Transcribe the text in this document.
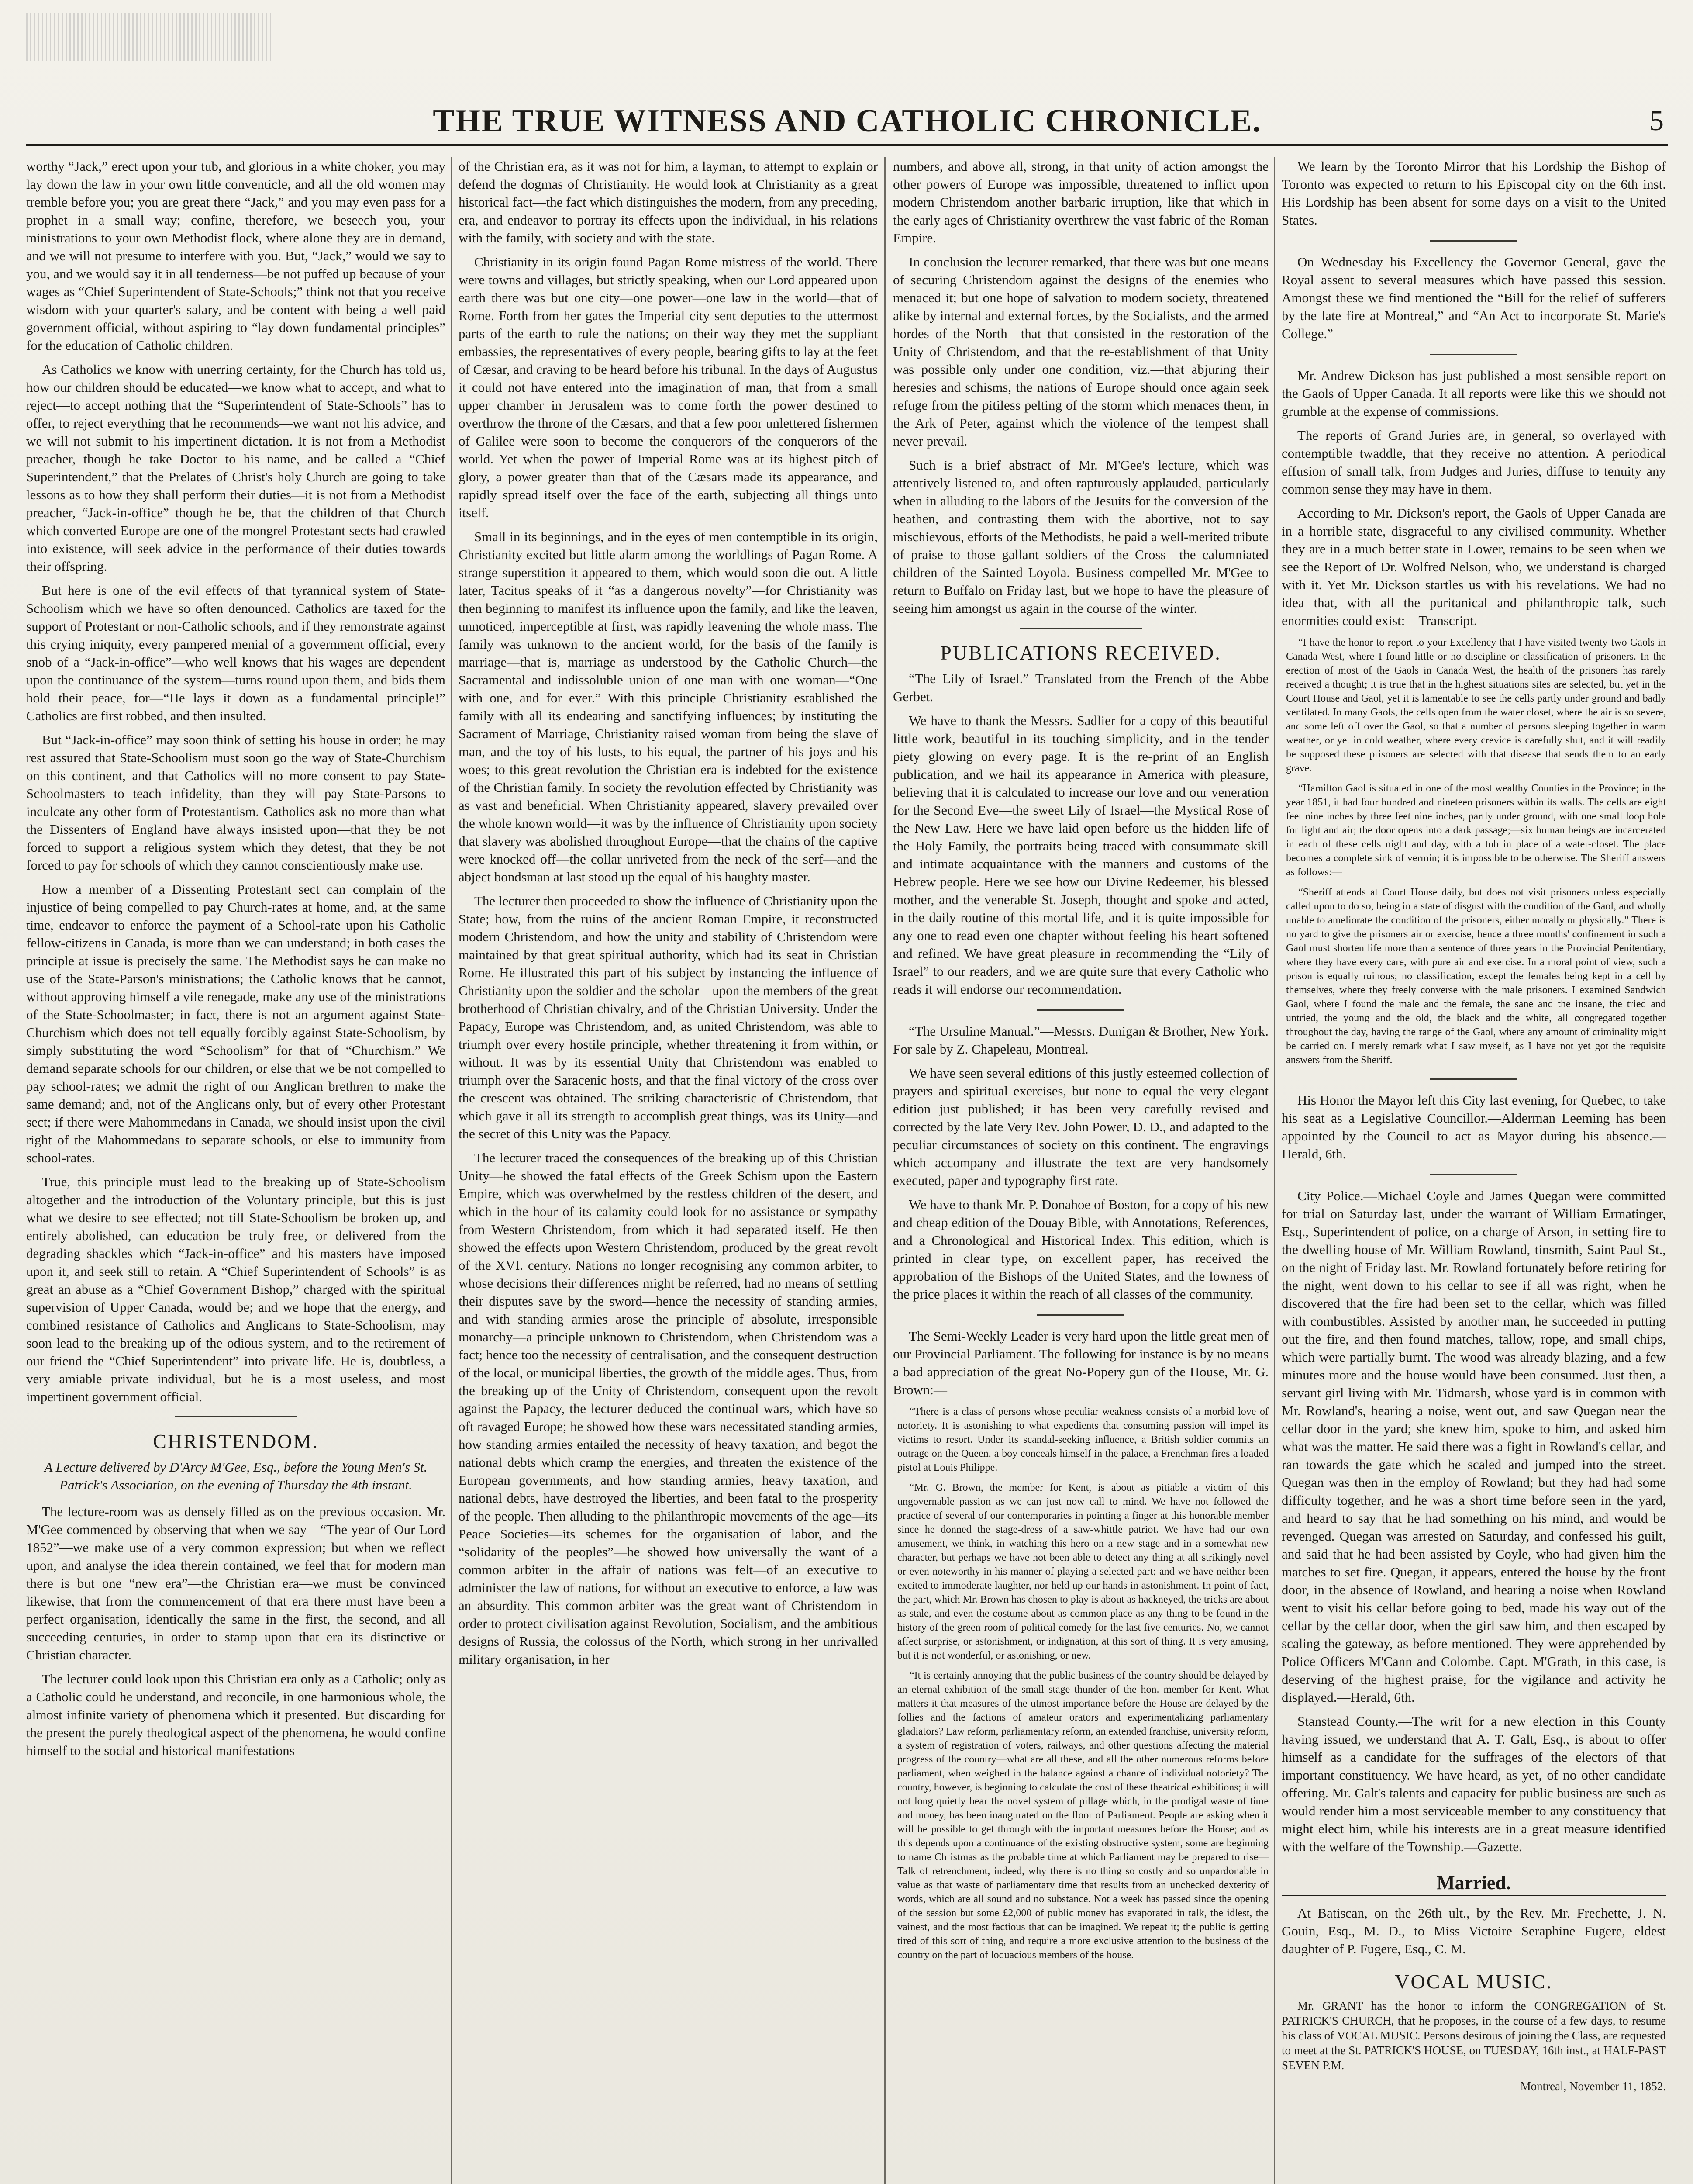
THE TRUE WITNESS AND CATHOLIC CHRONICLE.	5

worthy “Jack,” erect upon your tub, and glorious in a white choker, you may lay down the law in your own little conventicle, and all the old women may tremble before you; you are great there “Jack,” and you may even pass for a prophet in a small way; confine, therefore, we beseech you, your ministrations to your own Methodist flock, where alone they are in demand, and we will not presume to interfere with you. But, “Jack,” would we say to you, and we would say it in all tenderness—be not puffed up because of your wages as “Chief Superintendent of State-Schools;” think not that you receive wisdom with your quarter's salary, and be content with being a well paid government official, without aspiring to “lay down fundamental principles” for the education of Catholic children.

As Catholics we know with unerring certainty, for the Church has told us, how our children should be educated—we know what to accept, and what to reject—to accept nothing that the “Superintendent of State-Schools” has to offer, to reject everything that he recommends—we want not his advice, and we will not submit to his impertinent dictation. It is not from a Methodist preacher, though he take Doctor to his name, and be called a “Chief Superintendent,” that the Prelates of Christ's holy Church are going to take lessons as to how they shall perform their duties—it is not from a Methodist preacher, “Jack-in-office” though he be, that the children of that Church which converted Europe are one of the mongrel Protestant sects had crawled into existence, will seek advice in the performance of their duties towards their offspring.

But here is one of the evil effects of that tyrannical system of State-Schoolism which we have so often denounced. Catholics are taxed for the support of Protestant or non-Catholic schools, and if they remonstrate against this crying iniquity, every pampered menial of a government official, every snob of a “Jack-in-office”—who well knows that his wages are dependent upon the continuance of the system—turns round upon them, and bids them hold their peace, for—“He lays it down as a fundamental principle!” Catholics are first robbed, and then insulted.

But “Jack-in-office” may soon think of setting his house in order; he may rest assured that State-Schoolism must soon go the way of State-Churchism on this continent, and that Catholics will no more consent to pay State-Schoolmasters to teach infidelity, than they will pay State-Parsons to inculcate any other form of Protestantism. Catholics ask no more than what the Dissenters of England have always insisted upon—that they be not forced to support a religious system which they detest, that they be not forced to pay for schools of which they cannot conscientiously make use.

How a member of a Dissenting Protestant sect can complain of the injustice of being compelled to pay Church-rates at home, and, at the same time, endeavor to enforce the payment of a School-rate upon his Catholic fellow-citizens in Canada, is more than we can understand; in both cases the principle at issue is precisely the same. The Methodist says he can make no use of the State-Parson's ministrations; the Catholic knows that he cannot, without approving himself a vile renegade, make any use of the ministrations of the State-Schoolmaster; in fact, there is not an argument against State-Churchism which does not tell equally forcibly against State-Schoolism, by simply substituting the word “Schoolism” for that of “Churchism.” We demand separate schools for our children, or else that we be not compelled to pay school-rates; we admit the right of our Anglican brethren to make the same demand; and, not of the Anglicans only, but of every other Protestant sect; if there were Mahommedans in Canada, we should insist upon the civil right of the Mahommedans to separate schools, or else to immunity from school-rates.

True, this principle must lead to the breaking up of State-Schoolism altogether and the introduction of the Voluntary principle, but this is just what we desire to see effected; not till State-Schoolism be broken up, and entirely abolished, can education be truly free, or delivered from the degrading shackles which “Jack-in-office” and his masters have imposed upon it, and seek still to retain. A “Chief Superintendent of Schools” is as great an abuse as a “Chief Government Bishop,” charged with the spiritual supervision of Upper Canada, would be; and we hope that the energy, and combined resistance of Catholics and Anglicans to State-Schoolism, may soon lead to the breaking up of the odious system, and to the retirement of our friend the “Chief Superintendent” into private life. He is, doubtless, a very amiable private individual, but he is a most useless, and most impertinent government official.

CHRISTENDOM.

A Lecture delivered by D'Arcy M'Gee, Esq., before the Young Men's St. Patrick's Association, on the evening of Thursday the 4th instant.

The lecture-room was as densely filled as on the previous occasion. Mr. M'Gee commenced by observing that when we say—“The year of Our Lord 1852”—we make use of a very common expression; but when we reflect upon, and analyse the idea therein contained, we feel that for modern man there is but one “new era”—the Christian era—we must be convinced likewise, that from the commencement of that era there must have been a perfect organisation, identically the same in the first, the second, and all succeeding centuries, in order to stamp upon that era its distinctive or Christian character.

The lecturer could look upon this Christian era only as a Catholic; only as a Catholic could he understand, and reconcile, in one harmonious whole, the almost infinite variety of phenomena which it presented. But discarding for the present the purely theological aspect of the phenomena, he would confine himself to the social and historical manifestations

of the Christian era, as it was not for him, a layman, to attempt to explain or defend the dogmas of Christianity. He would look at Christianity as a great historical fact—the fact which distinguishes the modern, from any preceding, era, and endeavor to portray its effects upon the individual, in his relations with the family, with society and with the state.

Christianity in its origin found Pagan Rome mistress of the world. There were towns and villages, but strictly speaking, when our Lord appeared upon earth there was but one city—one power—one law in the world—that of Rome. Forth from her gates the Imperial city sent deputies to the uttermost parts of the earth to rule the nations; on their way they met the suppliant embassies, the representatives of every people, bearing gifts to lay at the feet of Cæsar, and craving to be heard before his tribunal. In the days of Augustus it could not have entered into the imagination of man, that from a small upper chamber in Jerusalem was to come forth the power destined to overthrow the throne of the Cæsars, and that a few poor unlettered fishermen of Galilee were soon to become the conquerors of the conquerors of the world. Yet when the power of Imperial Rome was at its highest pitch of glory, a power greater than that of the Cæsars made its appearance, and rapidly spread itself over the face of the earth, subjecting all things unto itself.

Small in its beginnings, and in the eyes of men contemptible in its origin, Christianity excited but little alarm among the worldlings of Pagan Rome. A strange superstition it appeared to them, which would soon die out. A little later, Tacitus speaks of it “as a dangerous novelty”—for Christianity was then beginning to manifest its influence upon the family, and like the leaven, unnoticed, imperceptible at first, was rapidly leavening the whole mass. The family was unknown to the ancient world, for the basis of the family is marriage—that is, marriage as understood by the Catholic Church—the Sacramental and indissoluble union of one man with one woman—“One with one, and for ever.” With this principle Christianity established the family with all its endearing and sanctifying influences; by instituting the Sacrament of Marriage, Christianity raised woman from being the slave of man, and the toy of his lusts, to his equal, the partner of his joys and his woes; to this great revolution the Christian era is indebted for the existence of the Christian family. In society the revolution effected by Christianity was as vast and beneficial. When Christianity appeared, slavery prevailed over the whole known world—it was by the influence of Christianity upon society that slavery was abolished throughout Europe—that the chains of the captive were knocked off—the collar unriveted from the neck of the serf—and the abject bondsman at last stood up the equal of his haughty master.

The lecturer then proceeded to show the influence of Christianity upon the State; how, from the ruins of the ancient Roman Empire, it reconstructed modern Christendom, and how the unity and stability of Christendom were maintained by that great spiritual authority, which had its seat in Christian Rome. He illustrated this part of his subject by instancing the influence of Christianity upon the soldier and the scholar—upon the members of the great brotherhood of Christian chivalry, and of the Christian University. Under the Papacy, Europe was Christendom, and, as united Christendom, was able to triumph over every hostile principle, whether threatening it from within, or without. It was by its essential Unity that Christendom was enabled to triumph over the Saracenic hosts, and that the final victory of the cross over the crescent was obtained. The striking characteristic of Christendom, that which gave it all its strength to accomplish great things, was its Unity—and the secret of this Unity was the Papacy.

The lecturer traced the consequences of the breaking up of this Christian Unity—he showed the fatal effects of the Greek Schism upon the Eastern Empire, which was overwhelmed by the restless children of the desert, and which in the hour of its calamity could look for no assistance or sympathy from Western Christendom, from which it had separated itself. He then showed the effects upon Western Christendom, produced by the great revolt of the XVI. century. Nations no longer recognising any common arbiter, to whose decisions their differences might be referred, had no means of settling their disputes save by the sword—hence the necessity of standing armies, and with standing armies arose the principle of absolute, irresponsible monarchy—a principle unknown to Christendom, when Christendom was a fact; hence too the necessity of centralisation, and the consequent destruction of the local, or municipal liberties, the growth of the middle ages. Thus, from the breaking up of the Unity of Christendom, consequent upon the revolt against the Papacy, the lecturer deduced the continual wars, which have so oft ravaged Europe; he showed how these wars necessitated standing armies, how standing armies entailed the necessity of heavy taxation, and begot the national debts which cramp the energies, and threaten the existence of the European governments, and how standing armies, heavy taxation, and national debts, have destroyed the liberties, and been fatal to the prosperity of the people. Then alluding to the philanthropic movements of the age—its Peace Societies—its schemes for the organisation of labor, and the “solidarity of the peoples”—he showed how universally the want of a common arbiter in the affair of nations was felt—of an executive to administer the law of nations, for without an executive to enforce, a law was an absurdity. This common arbiter was the great want of Christendom in order to protect civilisation against Revolution, Socialism, and the ambitious designs of Russia, the colossus of the North, which strong in her unrivalled military organisation, in her

numbers, and above all, strong, in that unity of action amongst the other powers of Europe was impossible, threatened to inflict upon modern Christendom another barbaric irruption, like that which in the early ages of Christianity overthrew the vast fabric of the Roman Empire.

In conclusion the lecturer remarked, that there was but one means of securing Christendom against the designs of the enemies who menaced it; but one hope of salvation to modern society, threatened alike by internal and external forces, by the Socialists, and the armed hordes of the North—that that consisted in the restoration of the Unity of Christendom, and that the re-establishment of that Unity was possible only under one condition, viz.—that abjuring their heresies and schisms, the nations of Europe should once again seek refuge from the pitiless pelting of the storm which menaces them, in the Ark of Peter, against which the violence of the tempest shall never prevail.

Such is a brief abstract of Mr. M'Gee's lecture, which was attentively listened to, and often rapturously applauded, particularly when in alluding to the labors of the Jesuits for the conversion of the heathen, and contrasting them with the abortive, not to say mischievous, efforts of the Methodists, he paid a well-merited tribute of praise to those gallant soldiers of the Cross—the calumniated children of the Sainted Loyola. Business compelled Mr. M'Gee to return to Buffalo on Friday last, but we hope to have the pleasure of seeing him amongst us again in the course of the winter.

PUBLICATIONS RECEIVED.

“The Lily of Israel.” Translated from the French of the Abbe Gerbet.

We have to thank the Messrs. Sadlier for a copy of this beautiful little work, beautiful in its touching simplicity, and in the tender piety glowing on every page. It is the re-print of an English publication, and we hail its appearance in America with pleasure, believing that it is calculated to increase our love and our veneration for the Second Eve—the sweet Lily of Israel—the Mystical Rose of the New Law. Here we have laid open before us the hidden life of the Holy Family, the portraits being traced with consummate skill and intimate acquaintance with the manners and customs of the Hebrew people. Here we see how our Divine Redeemer, his blessed mother, and the venerable St. Joseph, thought and spoke and acted, in the daily routine of this mortal life, and it is quite impossible for any one to read even one chapter without feeling his heart softened and refined. We have great pleasure in recommending the “Lily of Israel” to our readers, and we are quite sure that every Catholic who reads it will endorse our recommendation.

“The Ursuline Manual.”—Messrs. Dunigan & Brother, New York. For sale by Z. Chapeleau, Montreal.

We have seen several editions of this justly esteemed collection of prayers and spiritual exercises, but none to equal the very elegant edition just published; it has been very carefully revised and corrected by the late Very Rev. John Power, D. D., and adapted to the peculiar circumstances of society on this continent. The engravings which accompany and illustrate the text are very handsomely executed, paper and typography first rate.

We have to thank Mr. P. Donahoe of Boston, for a copy of his new and cheap edition of the Douay Bible, with Annotations, References, and a Chronological and Historical Index. This edition, which is printed in clear type, on excellent paper, has received the approbation of the Bishops of the United States, and the lowness of the price places it within the reach of all classes of the community.

The Semi-Weekly Leader is very hard upon the little great men of our Provincial Parliament. The following for instance is by no means a bad appreciation of the great No-Popery gun of the House, Mr. G. Brown:—

“There is a class of persons whose peculiar weakness consists of a morbid love of notoriety. It is astonishing to what expedients that consuming passion will impel its victims to resort. Under its scandal-seeking influence, a British soldier commits an outrage on the Queen, a boy conceals himself in the palace, a Frenchman fires a loaded pistol at Louis Philippe.

“Mr. G. Brown, the member for Kent, is about as pitiable a victim of this ungovernable passion as we can just now call to mind. We have not followed the practice of several of our contemporaries in pointing a finger at this honorable member since he donned the stage-dress of a saw-whittle patriot. We have had our own amusement, we think, in watching this hero on a new stage and in a somewhat new character, but perhaps we have not been able to detect any thing at all strikingly novel or even noteworthy in his manner of playing a selected part; and we have neither been excited to immoderate laughter, nor held up our hands in astonishment. In point of fact, the part, which Mr. Brown has chosen to play is about as hackneyed, the tricks are about as stale, and even the costume about as common place as any thing to be found in the history of the green-room of political comedy for the last five centuries. No, we cannot affect surprise, or astonishment, or indignation, at this sort of thing. It is very amusing, but it is not wonderful, or astonishing, or new.

“It is certainly annoying that the public business of the country should be delayed by an eternal exhibition of the small stage thunder of the hon. member for Kent. What matters it that measures of the utmost importance before the House are delayed by the follies and the factions of amateur orators and experimentalizing parliamentary gladiators? Law reform, parliamentary reform, an extended franchise, university reform, a system of registration of voters, railways, and other questions affecting the material progress of the country—what are all these, and all the other numerous reforms before parliament, when weighed in the balance against a chance of individual notoriety? The country, however, is beginning to calculate the cost of these theatrical exhibitions; it will not long quietly bear the novel system of pillage which, in the prodigal waste of time and money, has been inaugurated on the floor of Parliament. People are asking when it will be possible to get through with the important measures before the House; and as this depends upon a continuance of the existing obstructive system, some are beginning to name Christmas as the probable time at which Parliament may be prepared to rise—Talk of retrenchment, indeed, why there is no thing so costly and so unpardonable in value as that waste of parliamentary time that results from an unchecked dexterity of words, which are all sound and no substance. Not a week has passed since the opening of the session but some £2,000 of public money has evaporated in talk, the idlest, the vainest, and the most factious that can be imagined. We repeat it; the public is getting tired of this sort of thing, and require a more exclusive attention to the business of the country on the part of loquacious members of the house.

We learn by the Toronto Mirror that his Lordship the Bishop of Toronto was expected to return to his Episcopal city on the 6th inst. His Lordship has been absent for some days on a visit to the United States.

On Wednesday his Excellency the Governor General, gave the Royal assent to several measures which have passed this session. Amongst these we find mentioned the “Bill for the relief of sufferers by the late fire at Montreal,” and “An Act to incorporate St. Marie's College.”

Mr. Andrew Dickson has just published a most sensible report on the Gaols of Upper Canada. It all reports were like this we should not grumble at the expense of commissions.

The reports of Grand Juries are, in general, so overlayed with contemptible twaddle, that they receive no attention. A periodical effusion of small talk, from Judges and Juries, diffuse to tenuity any common sense they may have in them.

According to Mr. Dickson's report, the Gaols of Upper Canada are in a horrible state, disgraceful to any civilised community. Whether they are in a much better state in Lower, remains to be seen when we see the Report of Dr. Wolfred Nelson, who, we understand is charged with it. Yet Mr. Dickson startles us with his revelations. We had no idea that, with all the puritanical and philanthropic talk, such enormities could exist:—Transcript.

“I have the honor to report to your Excellency that I have visited twenty-two Gaols in Canada West, where I found little or no discipline or classification of prisoners. In the erection of most of the Gaols in Canada West, the health of the prisoners has rarely received a thought; it is true that in the highest situations sites are selected, but yet in the Court House and Gaol, yet it is lamentable to see the cells partly under ground and badly ventilated. In many Gaols, the cells open from the water closet, where the air is so severe, and some left off over the Gaol, so that a number of persons sleeping together in warm weather, or yet in cold weather, where every crevice is carefully shut, and it will readily be supposed these prisoners are selected with that disease that sends them to an early grave.

“Hamilton Gaol is situated in one of the most wealthy Counties in the Province; in the year 1851, it had four hundred and nineteen prisoners within its walls. The cells are eight feet nine inches by three feet nine inches, partly under ground, with one small loop hole for light and air; the door opens into a dark passage;—six human beings are incarcerated in each of these cells night and day, with a tub in place of a water-closet. The place becomes a complete sink of vermin; it is impossible to be otherwise. The Sheriff answers as follows:—

“Sheriff attends at Court House daily, but does not visit prisoners unless especially called upon to do so, being in a state of disgust with the condition of the Gaol, and wholly unable to ameliorate the condition of the prisoners, either morally or physically.” There is no yard to give the prisoners air or exercise, hence a three months' confinement in such a Gaol must shorten life more than a sentence of three years in the Provincial Penitentiary, where they have every care, with pure air and exercise. In a moral point of view, such a prison is equally ruinous; no classification, except the females being kept in a cell by themselves, where they freely converse with the male prisoners. I examined Sandwich Gaol, where I found the male and the female, the sane and the insane, the tried and untried, the young and the old, the black and the white, all congregated together throughout the day, having the range of the Gaol, where any amount of criminality might be carried on. I merely remark what I saw myself, as I have not yet got the requisite answers from the Sheriff.

His Honor the Mayor left this City last evening, for Quebec, to take his seat as a Legislative Councillor.—Alderman Leeming has been appointed by the Council to act as Mayor during his absence.—Herald, 6th.

City Police.—Michael Coyle and James Quegan were committed for trial on Saturday last, under the warrant of William Ermatinger, Esq., Superintendent of police, on a charge of Arson, in setting fire to the dwelling house of Mr. William Rowland, tinsmith, Saint Paul St., on the night of Friday last. Mr. Rowland fortunately before retiring for the night, went down to his cellar to see if all was right, when he discovered that the fire had been set to the cellar, which was filled with combustibles. Assisted by another man, he succeeded in putting out the fire, and then found matches, tallow, rope, and small chips, which were partially burnt. The wood was already blazing, and a few minutes more and the house would have been consumed. Just then, a servant girl living with Mr. Tidmarsh, whose yard is in common with Mr. Rowland's, hearing a noise, went out, and saw Quegan near the cellar door in the yard; she knew him, spoke to him, and asked him what was the matter. He said there was a fight in Rowland's cellar, and ran towards the gate which he scaled and jumped into the street. Quegan was then in the employ of Rowland; but they had had some difficulty together, and he was a short time before seen in the yard, and heard to say that he had something on his mind, and would be revenged. Quegan was arrested on Saturday, and confessed his guilt, and said that he had been assisted by Coyle, who had given him the matches to set fire. Quegan, it appears, entered the house by the front door, in the absence of Rowland, and hearing a noise when Rowland went to visit his cellar before going to bed, made his way out of the cellar by the cellar door, when the girl saw him, and then escaped by scaling the gateway, as before mentioned. They were apprehended by Police Officers M'Cann and Colombe. Capt. M'Grath, in this case, is deserving of the highest praise, for the vigilance and activity he displayed.—Herald, 6th.

Stanstead County.—The writ for a new election in this County having issued, we understand that A. T. Galt, Esq., is about to offer himself as a candidate for the suffrages of the electors of that important constituency. We have heard, as yet, of no other candidate offering. Mr. Galt's talents and capacity for public business are such as would render him a most serviceable member to any constituency that might elect him, while his interests are in a great measure identified with the welfare of the Township.—Gazette.

Married.

At Batiscan, on the 26th ult., by the Rev. Mr. Frechette, J. N. Gouin, Esq., M. D., to Miss Victoire Seraphine Fugere, eldest daughter of P. Fugere, Esq., C. M.

VOCAL MUSIC.

Mr. GRANT has the honor to inform the CONGREGATION of St. PATRICK'S CHURCH, that he proposes, in the course of a few days, to resume his class of VOCAL MUSIC. Persons desirous of joining the Class, are requested to meet at the St. PATRICK'S HOUSE, on TUESDAY, 16th inst., at HALF-PAST SEVEN P.M.

Montreal, November 11, 1852.
